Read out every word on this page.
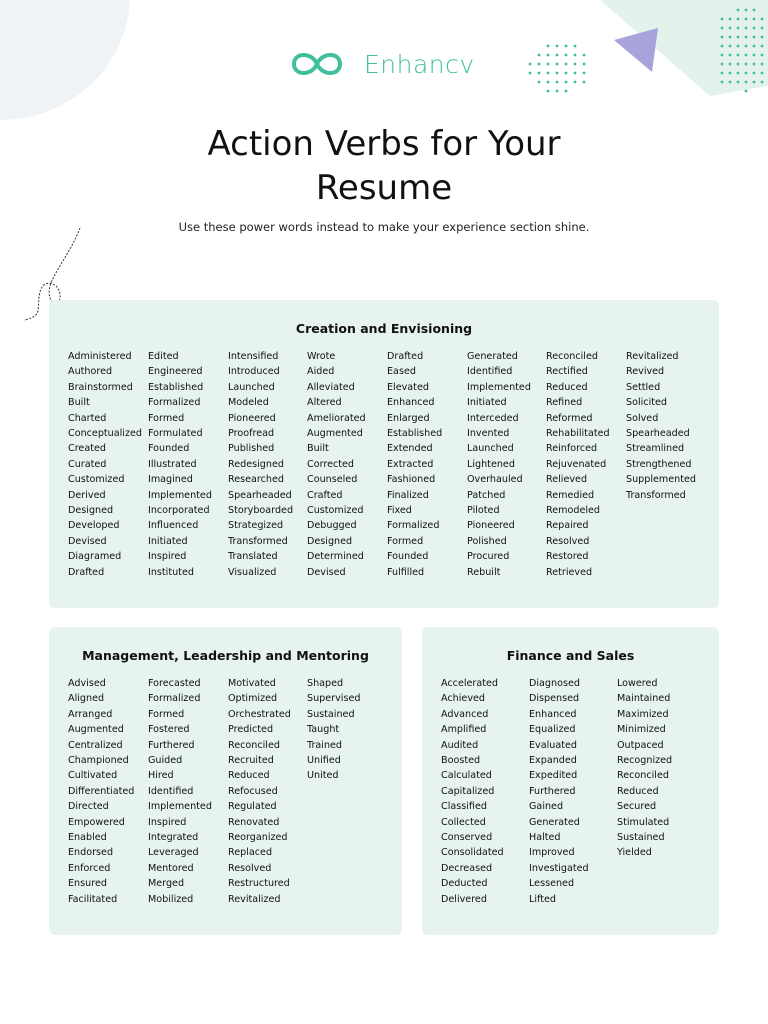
Enhancv
Action Verbs for Your
Resume
Use these power words instead to make your experience section shine.
Creation and Envisioning
Administered
Authored
Brainstormed
Built
Charted
Conceptualized
Created
Curated
Customized
Derived
Designed
Developed
Devised
Diagramed
Drafted
Edited
Engineered
Established
Formalized
Formed
Formulated
Founded
Illustrated
Imagined
Implemented
Incorporated
Influenced
Initiated
Inspired
Instituted
Intensified
Introduced
Launched
Modeled
Pioneered
Proofread
Published
Redesigned
Researched
Spearheaded
Storyboarded
Strategized
Transformed
Translated
Visualized
Wrote
Aided
Alleviated
Altered
Ameliorated
Augmented
Built
Corrected
Counseled
Crafted
Customized
Debugged
Designed
Determined
Devised
Drafted
Eased
Elevated
Enhanced
Enlarged
Established
Extended
Extracted
Fashioned
Finalized
Fixed
Formalized
Formed
Founded
Fulfilled
Generated
Identified
Implemented
Initiated
Interceded
Invented
Launched
Lightened
Overhauled
Patched
Piloted
Pioneered
Polished
Procured
Rebuilt
Reconciled
Rectified
Reduced
Refined
Reformed
Rehabilitated
Reinforced
Rejuvenated
Relieved
Remedied
Remodeled
Repaired
Resolved
Restored
Retrieved
Revitalized
Revived
Settled
Solicited
Solved
Spearheaded
Streamlined
Strengthened
Supplemented
Transformed
Management, Leadership and Mentoring
Advised
Aligned
Arranged
Augmented
Centralized
Championed
Cultivated
Differentiated
Directed
Empowered
Enabled
Endorsed
Enforced
Ensured
Facilitated
Forecasted
Formalized
Formed
Fostered
Furthered
Guided
Hired
Identified
Implemented
Inspired
Integrated
Leveraged
Mentored
Merged
Mobilized
Motivated
Optimized
Orchestrated
Predicted
Reconciled
Recruited
Reduced
Refocused
Regulated
Renovated
Reorganized
Replaced
Resolved
Restructured
Revitalized
Shaped
Supervised
Sustained
Taught
Trained
Unified
United
Finance and Sales
Accelerated
Achieved
Advanced
Amplified
Audited
Boosted
Calculated
Capitalized
Classified
Collected
Conserved
Consolidated
Decreased
Deducted
Delivered
Diagnosed
Dispensed
Enhanced
Equalized
Evaluated
Expanded
Expedited
Furthered
Gained
Generated
Halted
Improved
Investigated
Lessened
Lifted
Lowered
Maintained
Maximized
Minimized
Outpaced
Recognized
Reconciled
Reduced
Secured
Stimulated
Sustained
Yielded
